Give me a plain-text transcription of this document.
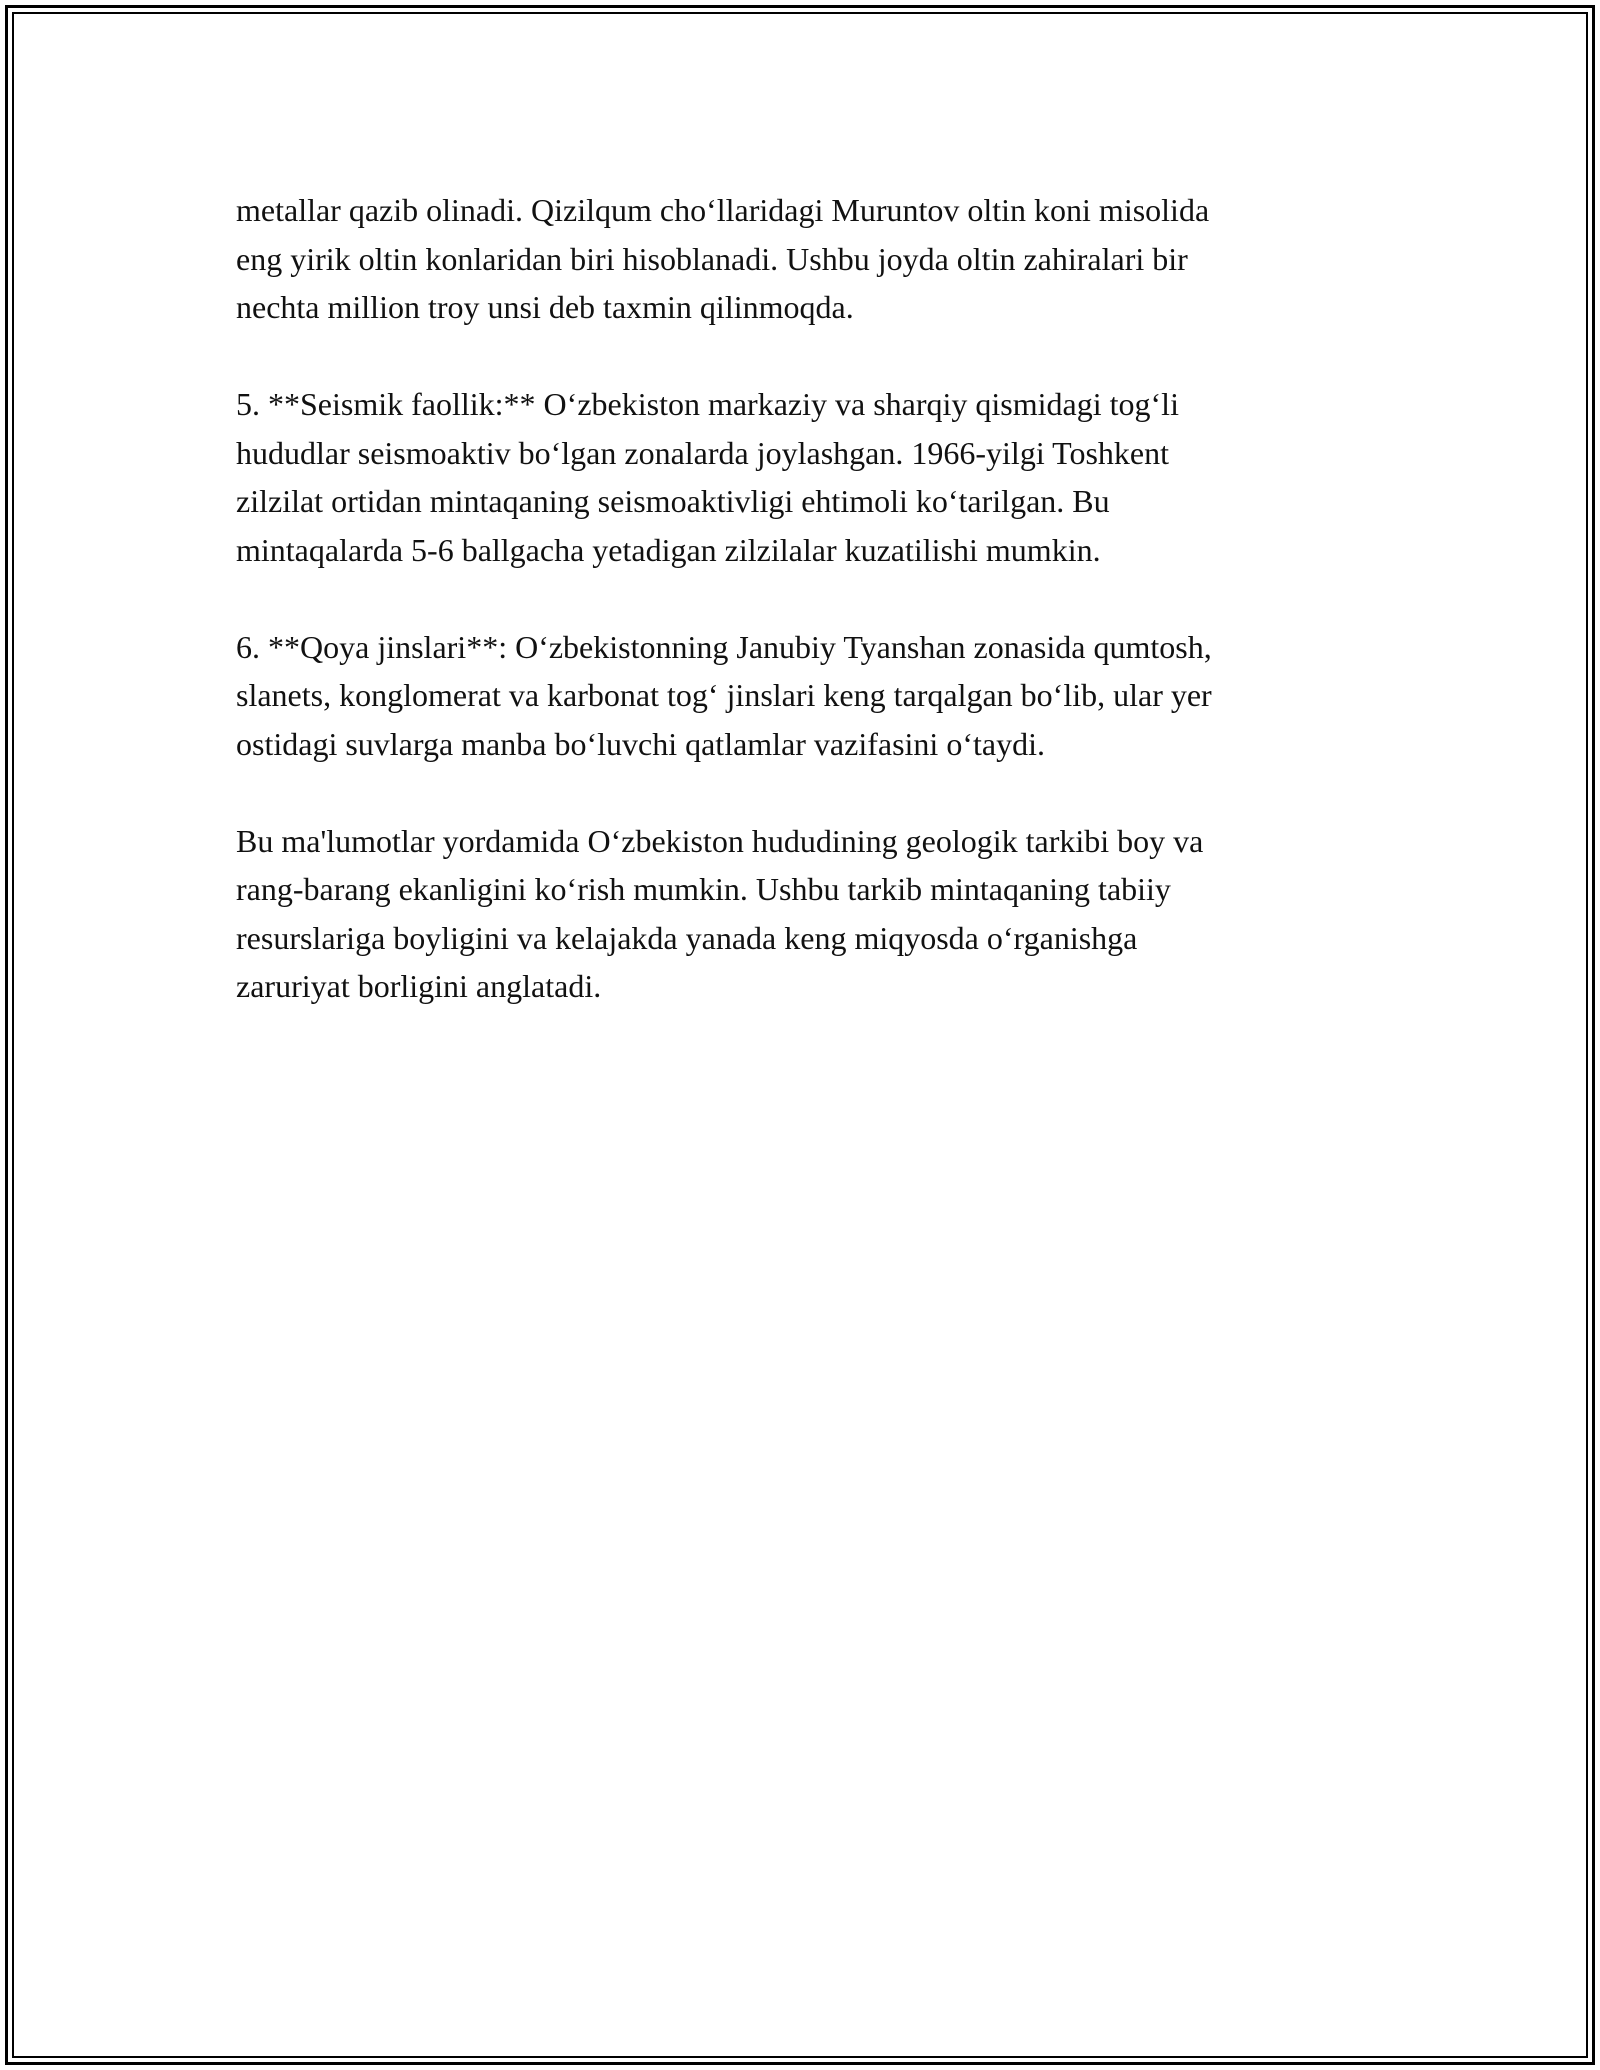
metallar qazib olinadi. Qizilqum cho‘llaridagi Muruntov oltin koni misolida
eng yirik oltin konlaridan biri hisoblanadi. Ushbu joyda oltin zahiralari bir
nechta million troy unsi deb taxmin qilinmoqda.

5. **Seismik faollik:** O‘zbekiston markaziy va sharqiy qismidagi tog‘li
hududlar seismoaktiv bo‘lgan zonalarda joylashgan. 1966-yilgi Toshkent
zilzilat ortidan mintaqaning seismoaktivligi ehtimoli ko‘tarilgan. Bu
mintaqalarda 5-6 ballgacha yetadigan zilzilalar kuzatilishi mumkin.

6. **Qoya jinslari**: O‘zbekistonning Janubiy Tyanshan zonasida qumtosh,
slanets, konglomerat va karbonat tog‘ jinslari keng tarqalgan bo‘lib, ular yer
ostidagi suvlarga manba bo‘luvchi qatlamlar vazifasini o‘taydi.

Bu ma'lumotlar yordamida O‘zbekiston hududining geologik tarkibi boy va
rang-barang ekanligini ko‘rish mumkin. Ushbu tarkib mintaqaning tabiiy
resurslariga boyligini va kelajakda yanada keng miqyosda o‘rganishga
zaruriyat borligini anglatadi.
